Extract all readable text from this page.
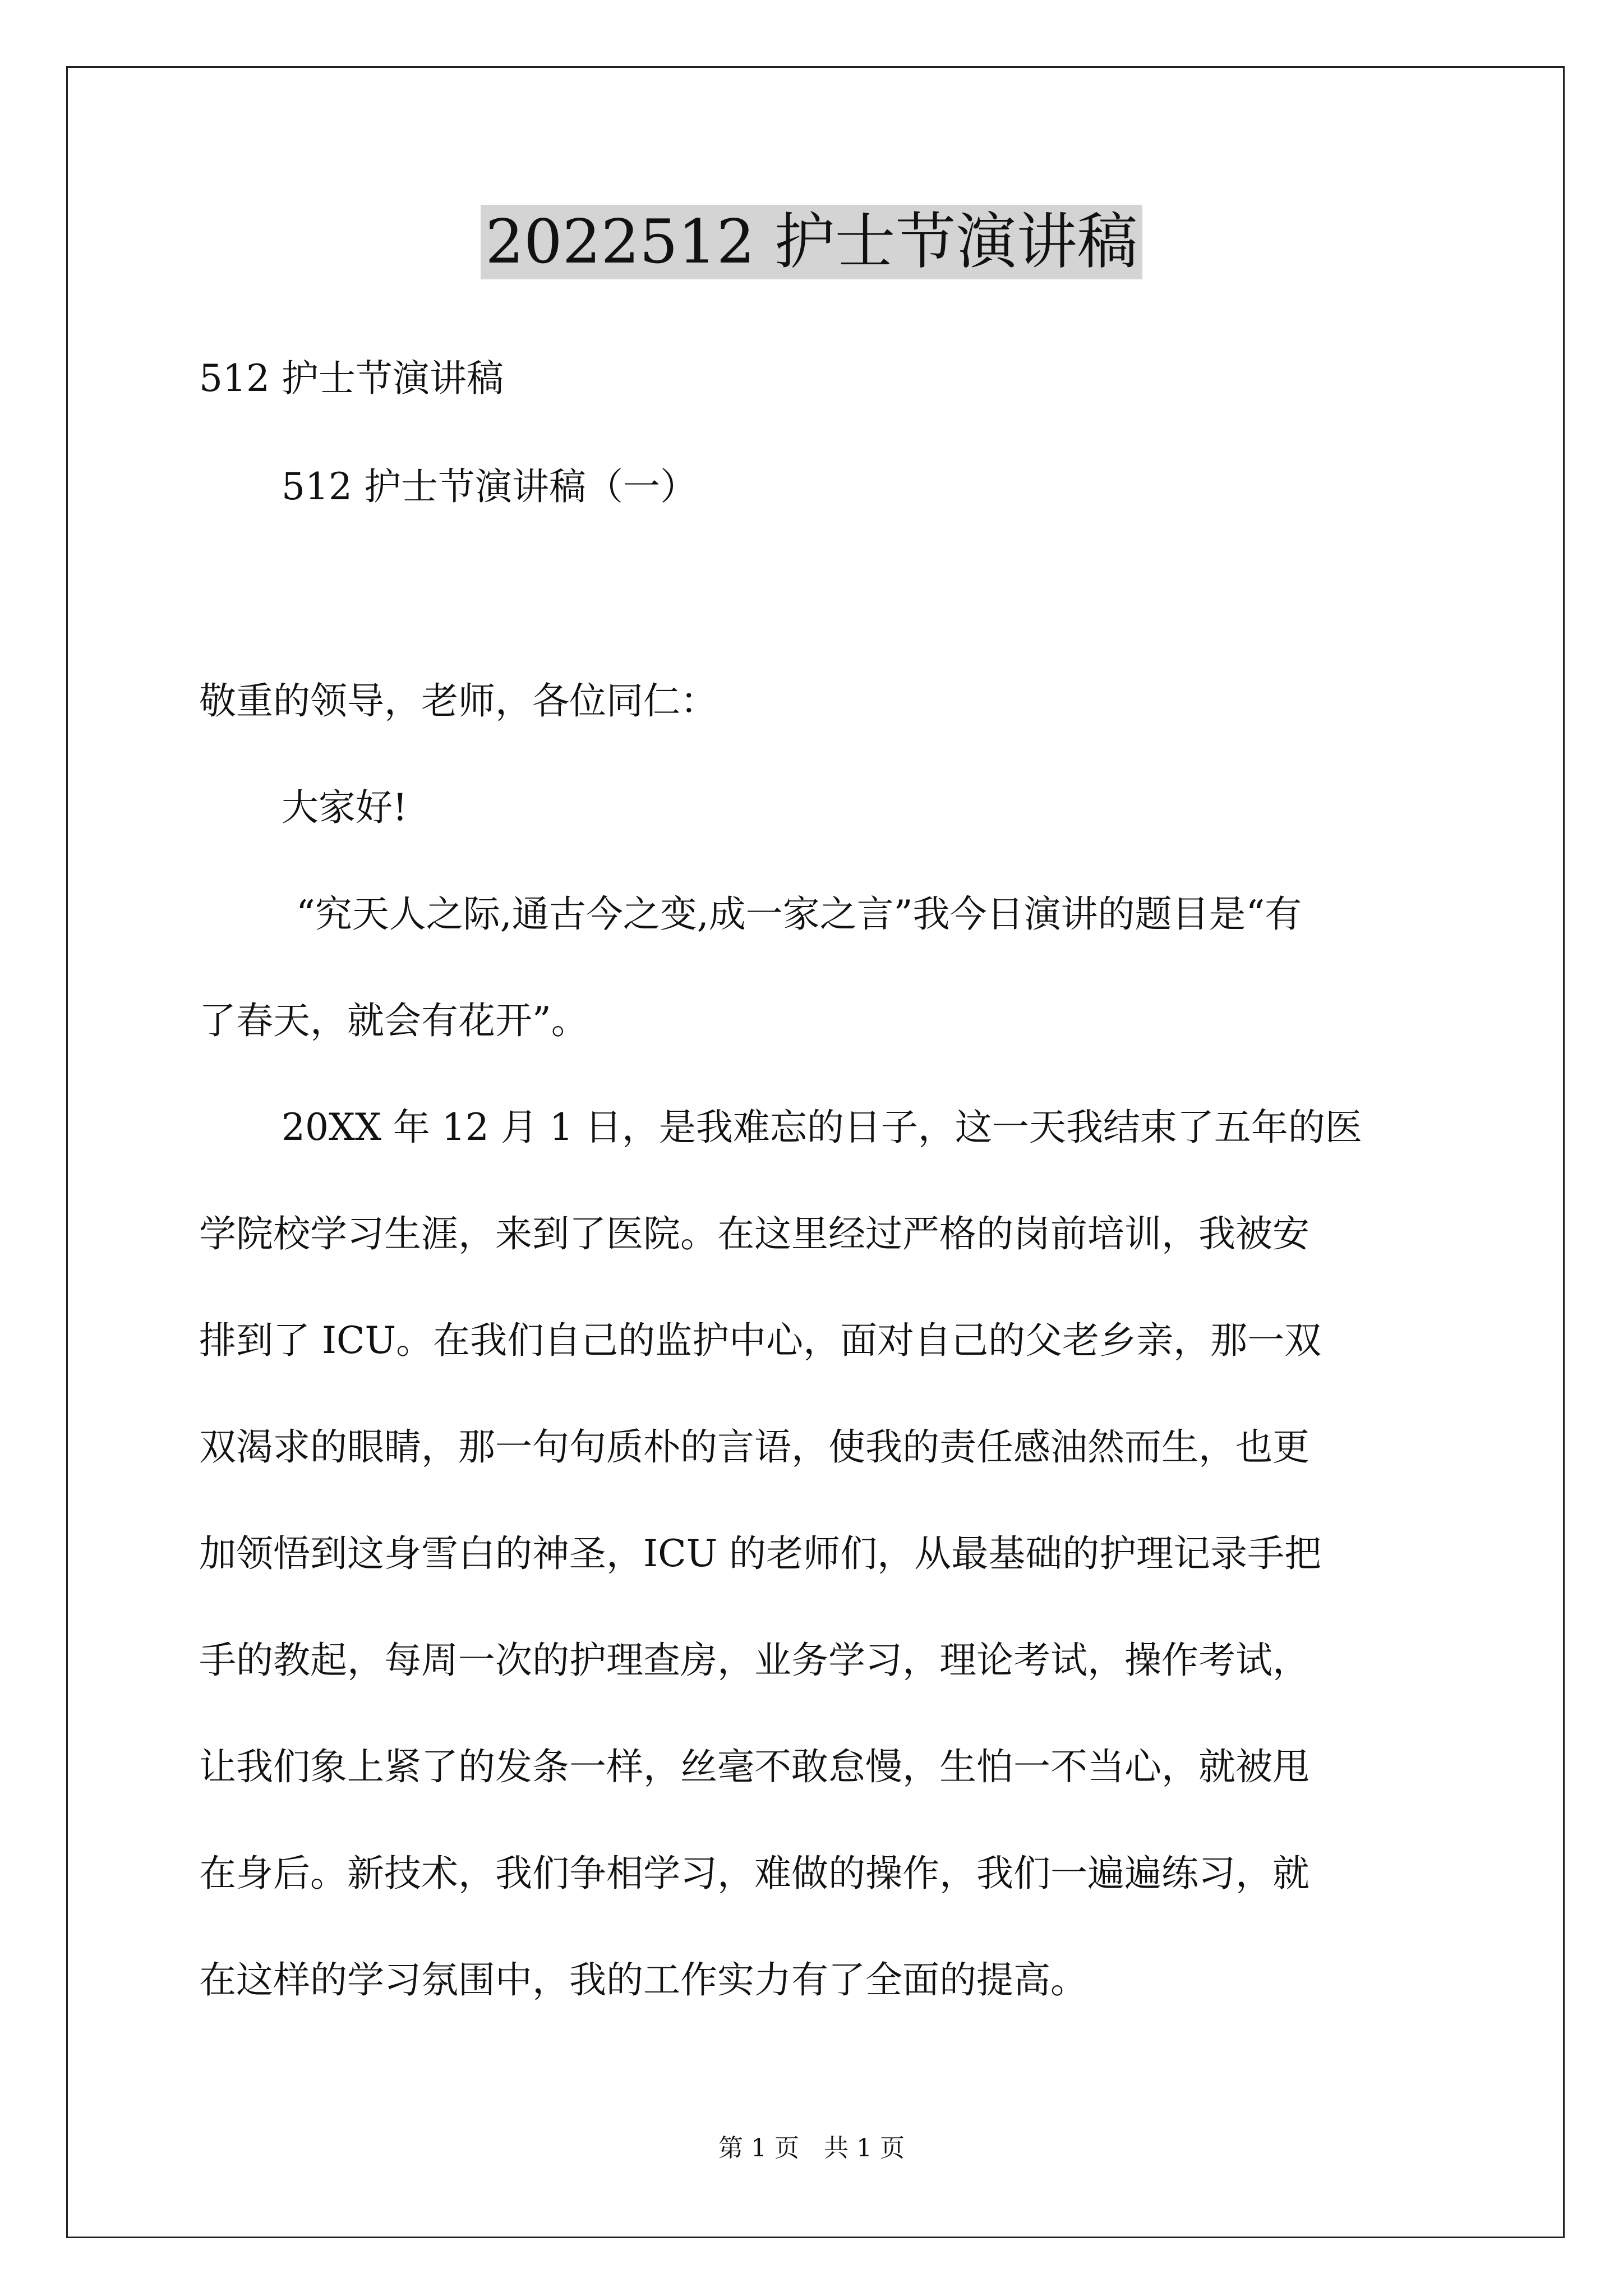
2022512 护士节演讲稿

512 护士节演讲稿

512 护士节演讲稿（一）

敬重的领导，老师，各位同仁：

大家好!

“究天人之际,通古今之变,成一家之言”我今日演讲的题目是“有

了春天，就会有花开”。

20XX 年 12 月 1 日，是我难忘的日子，这一天我结束了五年的医

学院校学习生涯，来到了医院。在这里经过严格的岗前培训，我被安

排到了 ICU。在我们自己的监护中心，面对自己的父老乡亲，那一双

双渴求的眼睛，那一句句质朴的言语，使我的责任感油然而生，也更

加领悟到这身雪白的神圣，ICU 的老师们，从最基础的护理记录手把

手的教起，每周一次的护理查房，业务学习，理论考试，操作考试，

让我们象上紧了的发条一样，丝毫不敢怠慢，生怕一不当心，就被甩

在身后。新技术，我们争相学习，难做的操作，我们一遍遍练习，就

在这样的学习氛围中，我的工作实力有了全面的提高。

第 1 页　共 1 页
